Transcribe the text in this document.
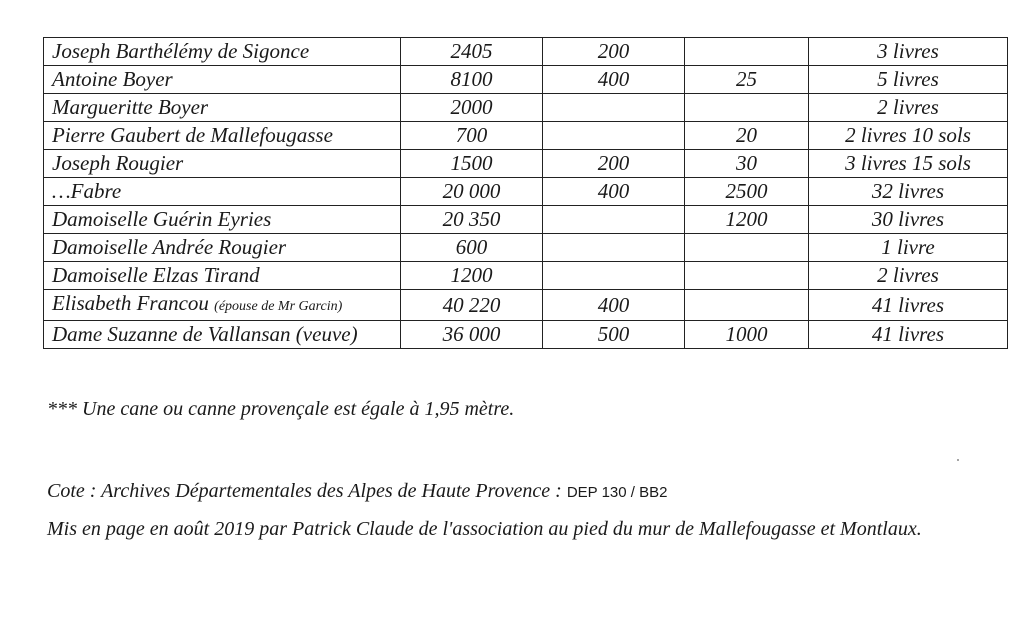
Joseph Barthélémy de Sigonce	2405	200		3 livres
Antoine Boyer	8100	400	25	5 livres
Margueritte Boyer	2000			2 livres
Pierre Gaubert de Mallefougasse	700		20	2 livres 10 sols
Joseph Rougier	1500	200	30	3 livres 15 sols
…Fabre	20 000	400	2500	32 livres
Damoiselle Guérin Eyries	20 350		1200	30 livres
Damoiselle Andrée Rougier	600			1 livre
Damoiselle Elzas Tirand	1200			2 livres
Elisabeth Francou (épouse de Mr Garcin)	40 220	400		41 livres
Dame Suzanne de Vallansan (veuve)	36 000	500	1000	41 livres
*** Une cane ou canne provençale est égale à 1,95 mètre.
Cote : Archives Départementales des Alpes de Haute Provence : DEP 130 / BB2
Mis en page en août 2019 par Patrick Claude de l'association au pied du mur de Mallefougasse et Montlaux.
